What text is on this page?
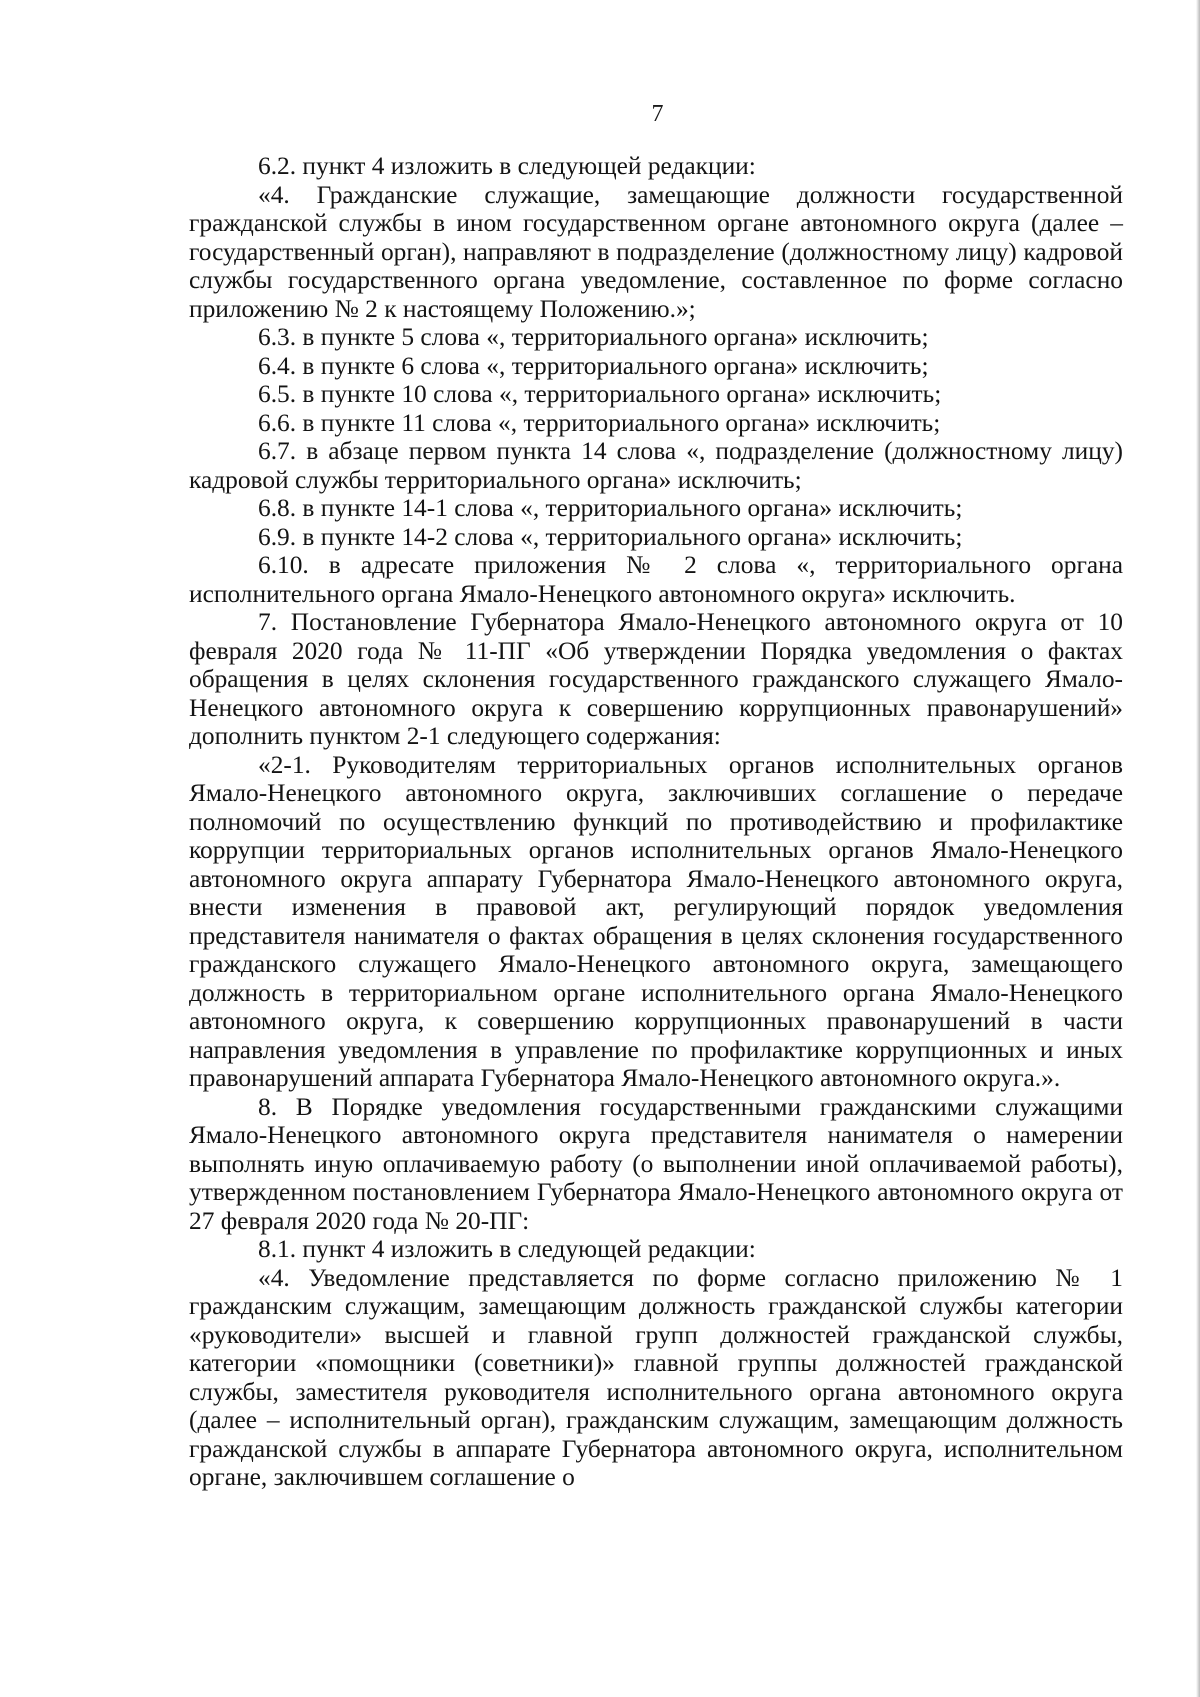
7

6.2. пункт 4 изложить в следующей редакции:

«4. Гражданские служащие, замещающие должности государственной гражданской службы в ином государственном органе автономного округа (далее – государственный орган), направляют в подразделение (должностному лицу) кадровой службы государственного органа уведомление, составленное по форме согласно приложению № 2 к настоящему Положению.»;

6.3. в пункте 5 слова «, территориального органа» исключить;

6.4. в пункте 6 слова «, территориального органа» исключить;

6.5. в пункте 10 слова «, территориального органа» исключить;

6.6. в пункте 11 слова «, территориального органа» исключить;

6.7. в абзаце первом пункта 14 слова «, подразделение (должностному лицу) кадровой службы территориального органа» исключить;

6.8. в пункте 14-1 слова «, территориального органа» исключить;

6.9. в пункте 14-2 слова «, территориального органа» исключить;

6.10. в адресате приложения № 2 слова «, территориального органа исполнительного органа Ямало-Ненецкого автономного округа» исключить.

7. Постановление Губернатора Ямало-Ненецкого автономного округа от 10 февраля 2020 года № 11-ПГ «Об утверждении Порядка уведомления о фактах обращения в целях склонения государственного гражданского служащего Ямало-Ненецкого автономного округа к совершению коррупционных правонарушений» дополнить пунктом 2-1 следующего содержания:

«2-1. Руководителям территориальных органов исполнительных органов Ямало-Ненецкого автономного округа, заключивших соглашение о передаче полномочий по осуществлению функций по противодействию и профилактике коррупции территориальных органов исполнительных органов Ямало-Ненецкого автономного округа аппарату Губернатора Ямало-Ненецкого автономного округа, внести изменения в правовой акт, регулирующий порядок уведомления представителя нанимателя о фактах обращения в целях склонения государственного гражданского служащего Ямало-Ненецкого автономного округа, замещающего должность в территориальном органе исполнительного органа Ямало-Ненецкого автономного округа, к совершению коррупционных правонарушений в части направления уведомления в управление по профилактике коррупционных и иных правонарушений аппарата Губернатора Ямало-Ненецкого автономного округа.».

8. В Порядке уведомления государственными гражданскими служащими Ямало-Ненецкого автономного округа представителя нанимателя о намерении выполнять иную оплачиваемую работу (о выполнении иной оплачиваемой работы), утвержденном постановлением Губернатора Ямало-Ненецкого автономного округа от 27 февраля 2020 года № 20-ПГ:

8.1. пункт 4 изложить в следующей редакции:

«4. Уведомление представляется по форме согласно приложению № 1 гражданским служащим, замещающим должность гражданской службы категории «руководители» высшей и главной групп должностей гражданской службы, категории «помощники (советники)» главной группы должностей гражданской службы, заместителя руководителя исполнительного органа автономного округа (далее – исполнительный орган), гражданским служащим, замещающим должность гражданской службы в аппарате Губернатора автономного округа, исполнительном органе, заключившем соглашение о
